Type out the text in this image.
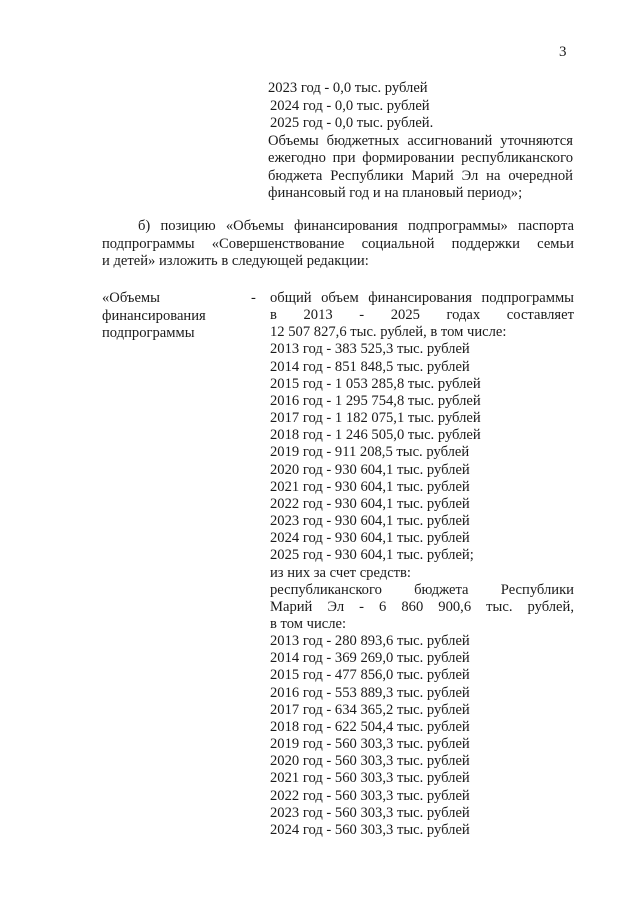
3
2023 год - 0,0 тыс. рублей
2024 год - 0,0 тыс. рублей
2025 год - 0,0 тыс. рублей.
Объемы бюджетных ассигнований уточняются
ежегодно при формировании республиканского
бюджета Республики Марий Эл на очередной
финансовый год и на плановый период»;
б) позицию «Объемы финансирования подпрограммы» паспорта
подпрограммы «Совершенствование социальной поддержки семьи
и детей» изложить в следующей редакции:
«Объемы
финансирования
подпрограммы
- общий объем финансирования подпрограммы
в 2013 - 2025 годах составляет
12 507 827,6 тыс. рублей, в том числе:
2013 год - 383 525,3 тыс. рублей
2014 год - 851 848,5 тыс. рублей
2015 год - 1 053 285,8 тыс. рублей
2016 год - 1 295 754,8 тыс. рублей
2017 год - 1 182 075,1 тыс. рублей
2018 год - 1 246 505,0 тыс. рублей
2019 год - 911 208,5 тыс. рублей
2020 год - 930 604,1 тыс. рублей
2021 год - 930 604,1 тыс. рублей
2022 год - 930 604,1 тыс. рублей
2023 год - 930 604,1 тыс. рублей
2024 год - 930 604,1 тыс. рублей
2025 год - 930 604,1 тыс. рублей;
из них за счет средств:
республиканского бюджета Республики
Марий Эл - 6 860 900,6 тыс. рублей,
в том числе:
2013 год - 280 893,6 тыс. рублей
2014 год - 369 269,0 тыс. рублей
2015 год - 477 856,0 тыс. рублей
2016 год - 553 889,3 тыс. рублей
2017 год - 634 365,2 тыс. рублей
2018 год - 622 504,4 тыс. рублей
2019 год - 560 303,3 тыс. рублей
2020 год - 560 303,3 тыс. рублей
2021 год - 560 303,3 тыс. рублей
2022 год - 560 303,3 тыс. рублей
2023 год - 560 303,3 тыс. рублей
2024 год - 560 303,3 тыс. рублей
